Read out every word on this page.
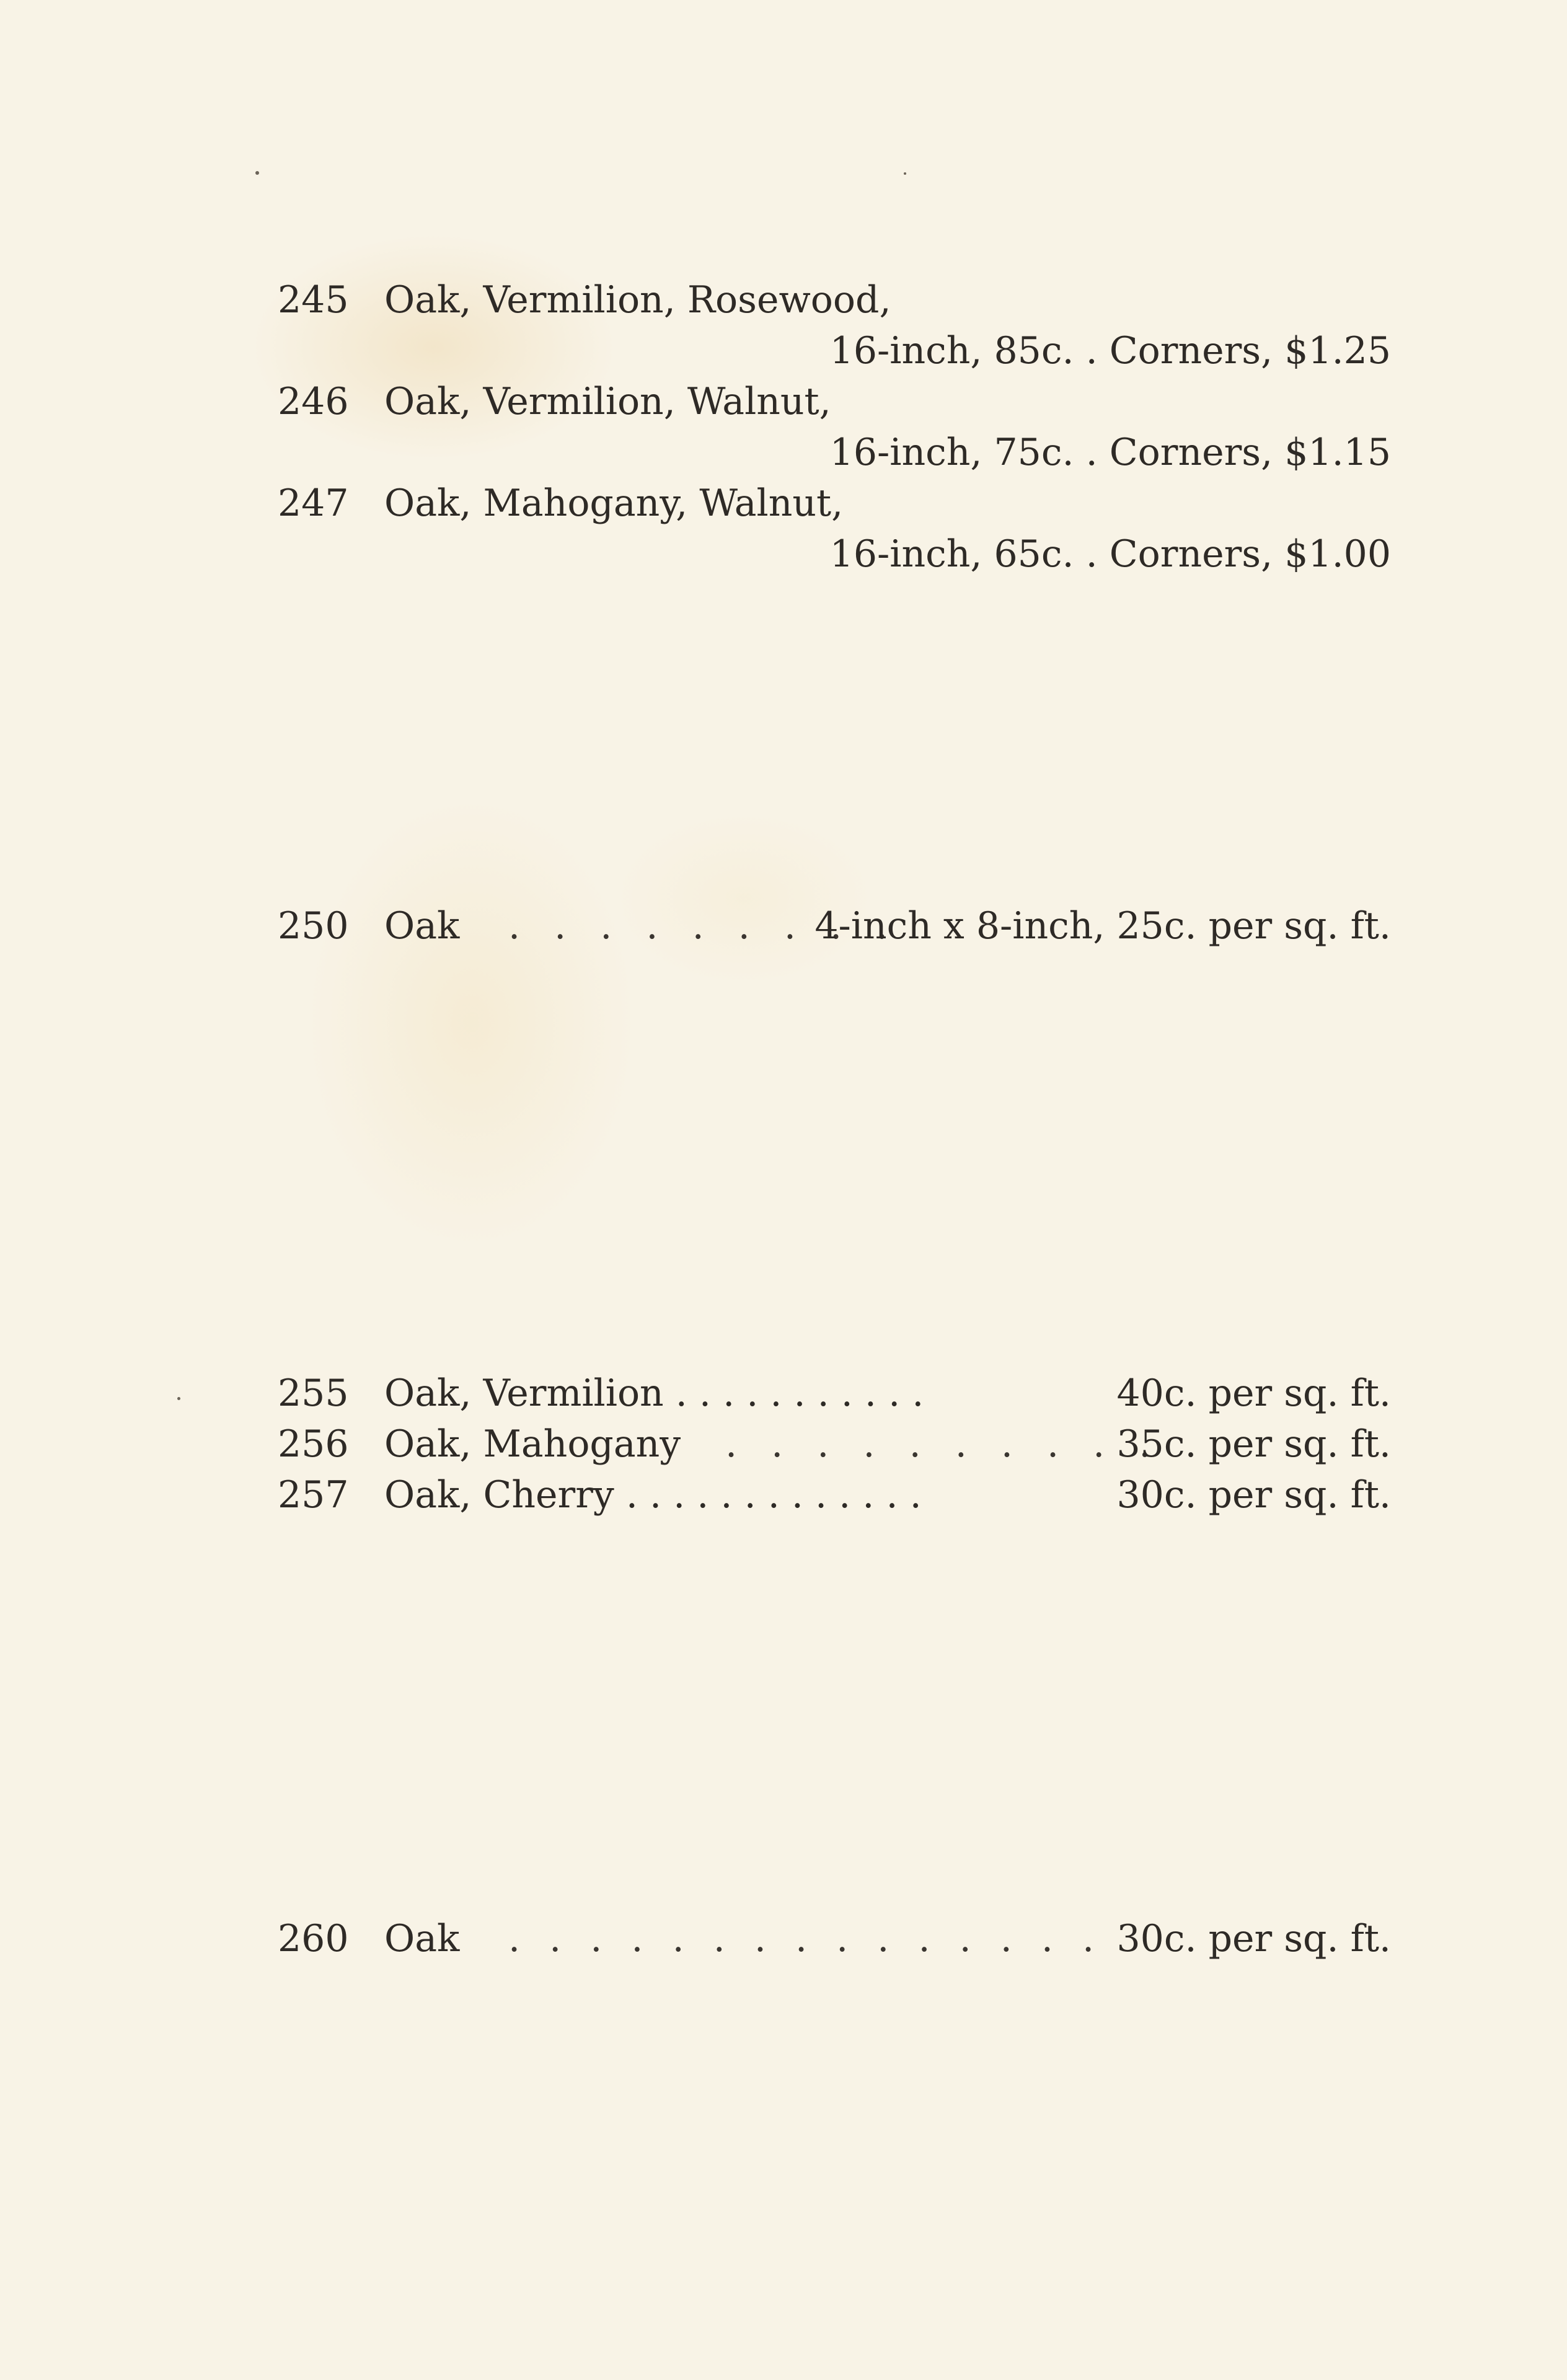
245 Oak, Vermilion, Rosewood,
16-inch, 85c. . Corners, $1.25
246 Oak, Vermilion, Walnut,
16-inch, 75c. . Corners, $1.15
247 Oak, Mahogany, Walnut,
16-inch, 65c. . Corners, $1.00
250 Oak . . . . . . . . .
4-inch x 8-inch, 25c. per sq. ft.
255 Oak, Vermilion . . . . . . . . . . .	40c. per sq. ft.
256 Oak, Mahogany . . . . . . . . . .
35c. per sq. ft.
257 Oak, Cherry . . . . . . . . . . . . .	30c. per sq. ft.
260 Oak . . . . . . . . . . . . . . . 30c. per sq. ft.
